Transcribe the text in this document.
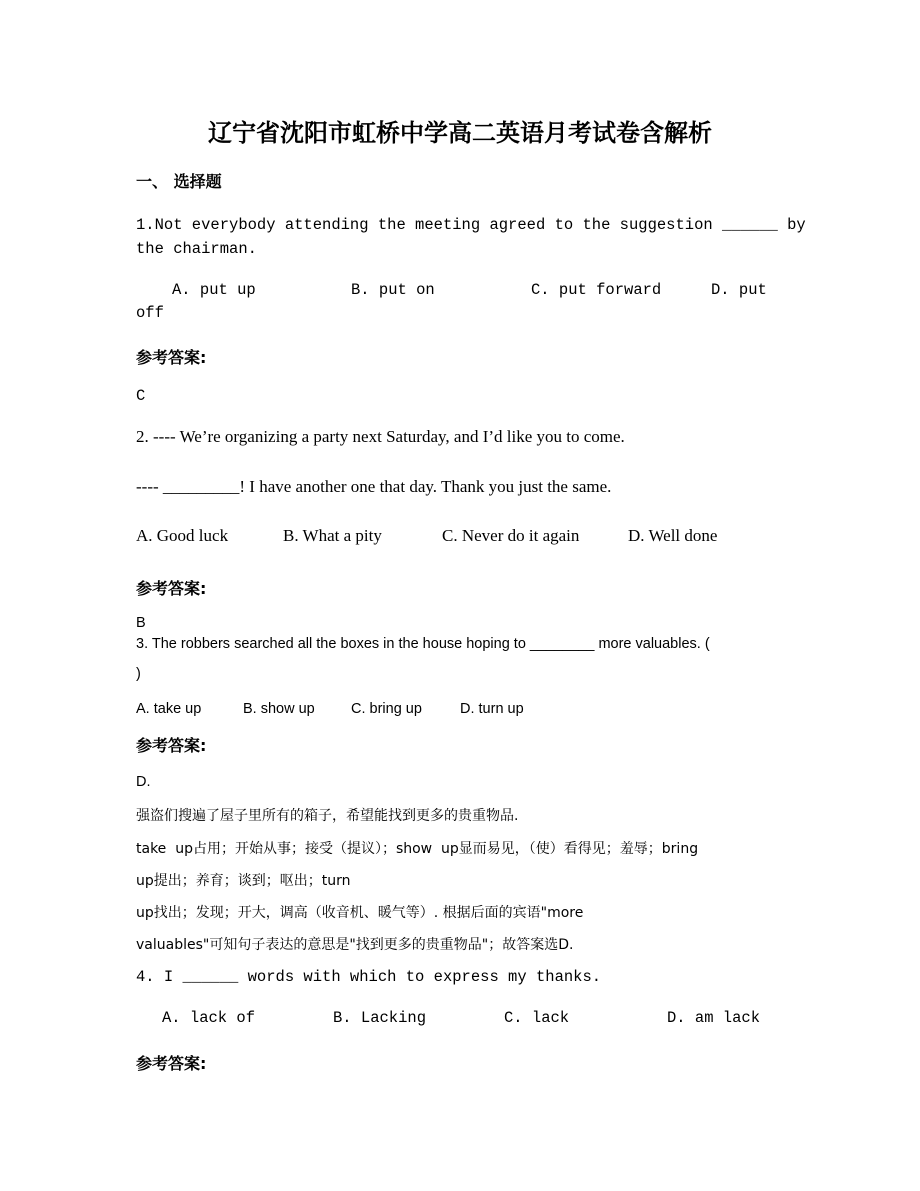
辽宁省沈阳市虹桥中学高二英语月考试卷含解析
一、 选择题
1.Not everybody attending the meeting agreed to the suggestion ______ by
the chairman.
A. put up	B. put on	C. put forward	D. put
off
参考答案:
C
2. ---- We’re organizing a party next Saturday, and I’d like you to come.
---- _________! I have another one that day. Thank you just the same.
A. Good luck	B. What a pity	C. Never do it again	D. Well done
参考答案:
B
3. The robbers searched all the boxes in the house hoping to ________ more valuables. (
)
A. take up	B. show up	C. bring up	D. turn up
参考答案:
D.
强盗们搜遍了屋子里所有的箱子，希望能找到更多的贵重物品.
take  up占用；开始从事；接受（提议）；show  up显而易见，（使）看得见；羞辱；bring
up提出；养育；谈到；呕出；turn
up找出；发现；开大，调高（收音机、暖气等）. 根据后面的宾语"more
valuables"可知句子表达的意思是"找到更多的贵重物品"；故答案选D.
4. I ______ words with which to express my thanks.
A. lack of	B. Lacking	C. lack	D. am lack
参考答案:
